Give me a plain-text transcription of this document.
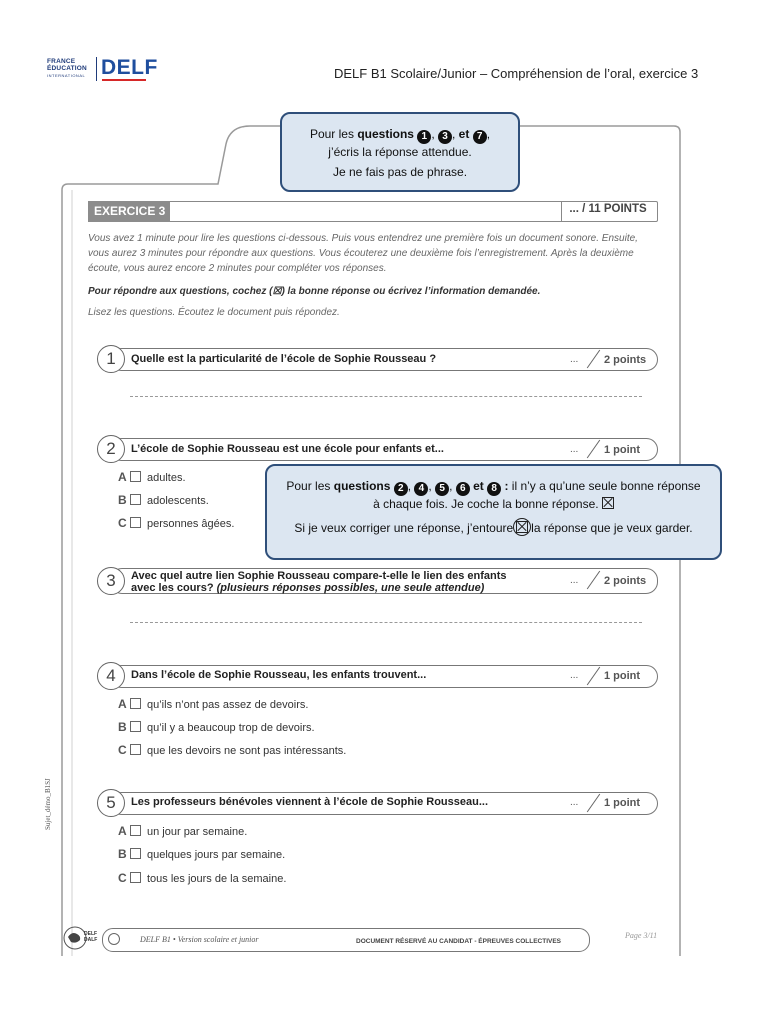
FRANCE
ÉDUCATION
INTERNATIONAL DELF	DELF B1 Scolaire/Junior – Compréhension de l’oral, exercice 3
EXERCICE 3	... / 11 POINTS
Vous avez 1 minute pour lire les questions ci-dessous. Puis vous entendrez une première fois un document sonore. Ensuite, vous aurez 3 minutes pour répondre aux questions. Vous écouterez une deuxième fois l’enregistrement. Après la deuxième écoute, vous aurez encore 2 minutes pour compléter vos réponses.
Pour répondre aux questions, cochez (☒) la bonne réponse ou écrivez l’information demandée.
Lisez les questions. Écoutez le document puis répondez.
1	Quelle est la particularité de l’école de Sophie Rousseau ?	... 2 points
2	L’école de Sophie Rousseau est une école pour enfants et...	... 1 point
A adultes.
B adolescents.
C personnes âgées.
3	Avec quel autre lien Sophie Rousseau compare-t-elle le lien des enfants
avec les cours? (plusieurs réponses possibles, une seule attendue)
... 2 points
4	Dans l’école de Sophie Rousseau, les enfants trouvent...	... 1 point
A qu’ils n’ont pas assez de devoirs.
B qu’il y a beaucoup trop de devoirs.
C que les devoirs ne sont pas intéressants.
5	Les professeurs bénévoles viennent à l’école de Sophie Rousseau...	... 1 point
A un jour par semaine.
B quelques jours par semaine.
C tous les jours de la semaine.
Pour les questions 1 , 3 , et 7 ,
j’écris la réponse attendue.
Je ne fais pas de phrase.
Pour les questions 2 , 4 , 5 , 6 et 8 : il n’y a qu’une seule bonne réponse à chaque fois. Je coche la bonne réponse.
Si je veux corriger une réponse, j’entoure la réponse que je veux garder.
DELF
DALF	DELF B1 • Version scolaire et junior	DOCUMENT RÉSERVÉ AU CANDIDAT - ÉPREUVES COLLECTIVES
Page 3/11
Sujet_démo_B1SJ
